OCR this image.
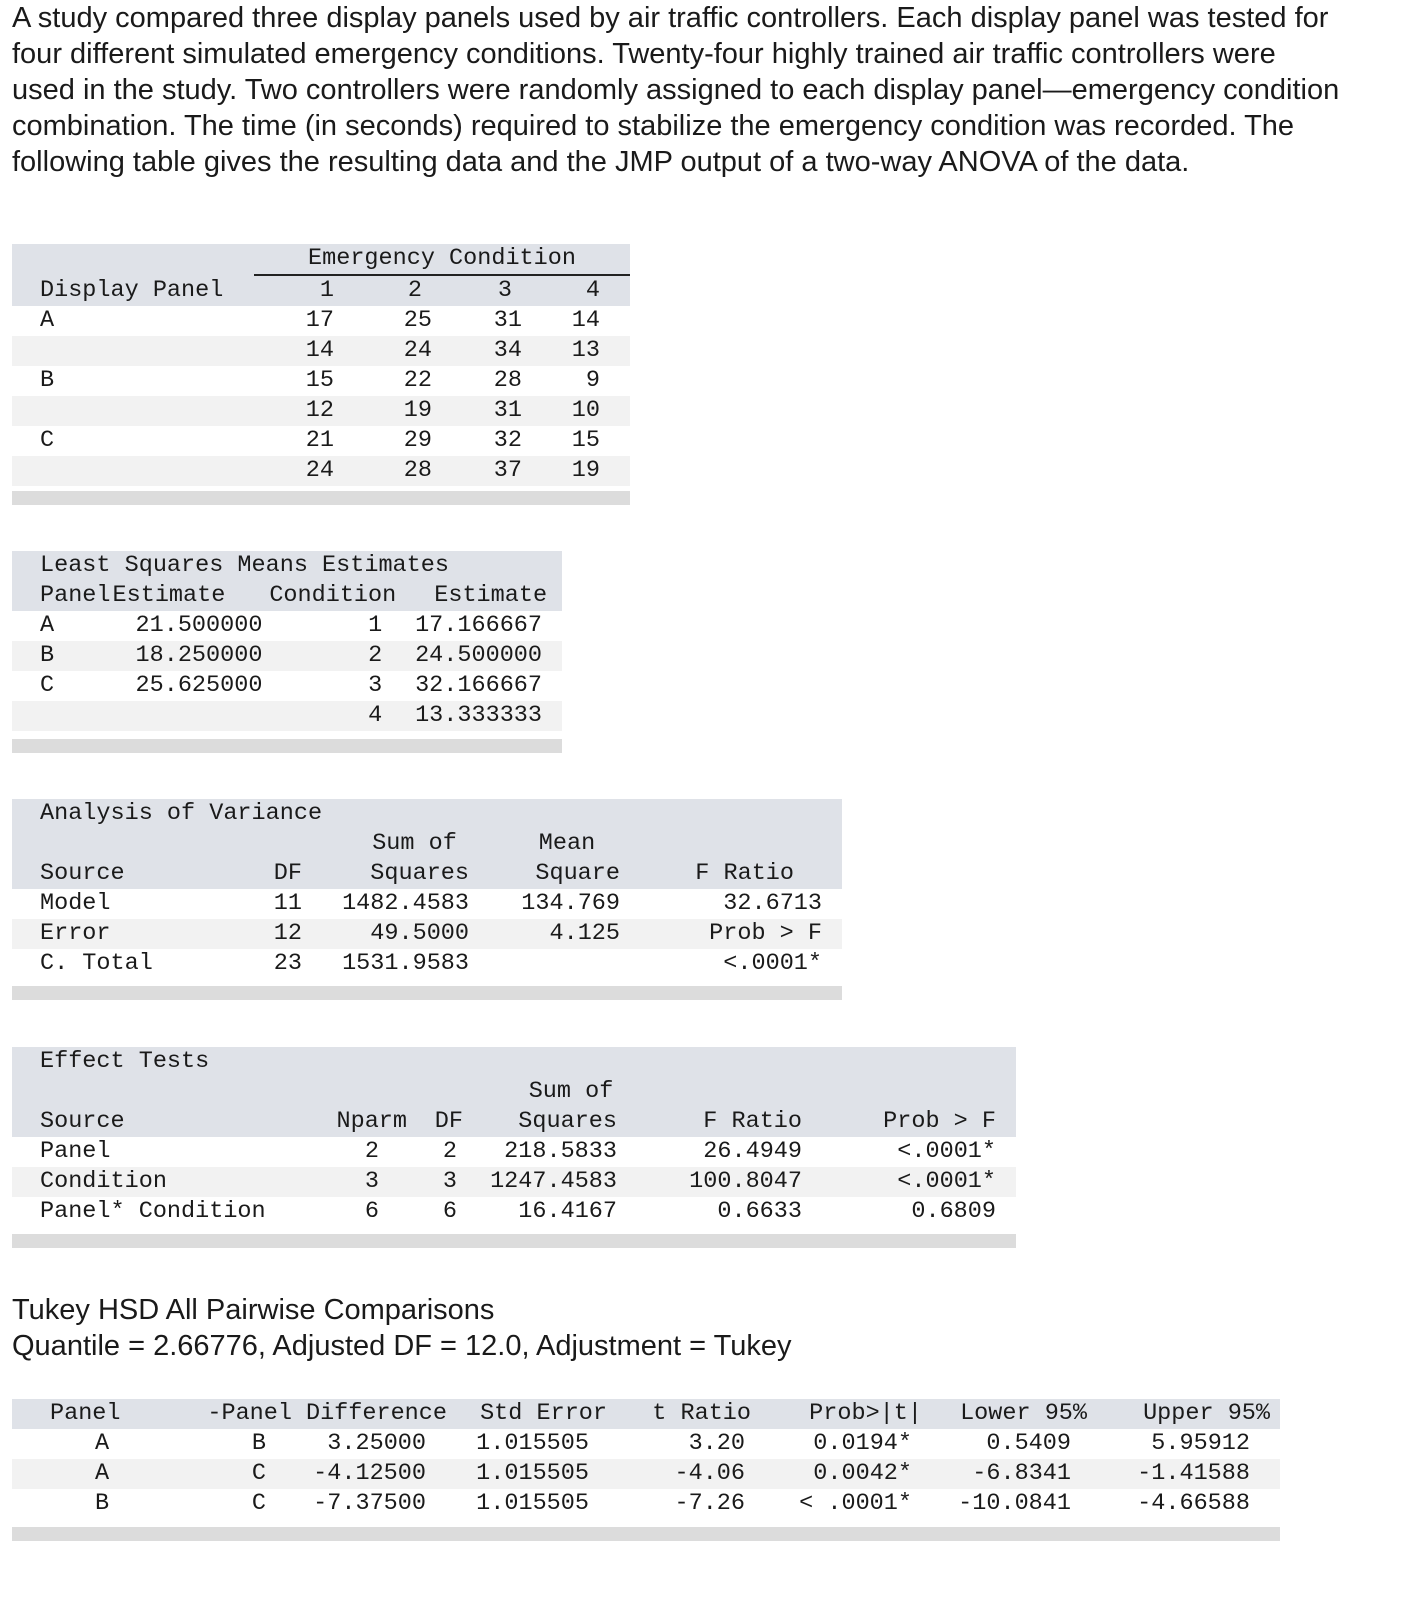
A study compared three display panels used by air traffic controllers. Each display panel was tested for four different simulated emergency conditions. Twenty-four highly trained air traffic controllers were used in the study. Two controllers were randomly assigned to each display panel—emergency condition combination. The time (in seconds) required to stabilize the emergency condition was recorded. The following table gives the resulting data and the JMP output of a two-way ANOVA of the data.
	Emergency Condition			
Display Panel	1	2	3	4
A	17	25	31	14
	14	24	34	13
B	15	22	28	9
	12	19	31	10
C	21	29	32	15
	24	28	37	19
Least Squares Means Estimates			
Panel	Estimate	Condition	Estimate
A	21.500000	1	17.166667
B	18.250000	2	24.500000
C	25.625000	3	32.166667
		4	13.333333
Analysis of Variance				
		Sum of	Mean	
Source	DF	Squares	Square	F Ratio
Model	11	1482.4583	134.769	32.6713
Error	12	49.5000	4.125	Prob > F
C. Total	23	1531.9583		<.0001*
Effect Tests					
			Sum of		
Source	Nparm	DF	Squares	F Ratio	Prob > F
Panel	2	2	218.5833	26.4949	<.0001*
Condition	3	3	1247.4583	100.8047	<.0001*
Panel* Condition	6	6	16.4167	0.6633	0.6809
Tukey HSD All Pairwise Comparisons
Quantile = 2.66776, Adjusted DF = 12.0, Adjustment = Tukey
Panel	-Panel	Difference	Std Error	t Ratio	Prob>|t|	Lower 95%	Upper 95%
A	B	3.25000	1.015505	3.20	0.0194*	0.5409	5.95912
A	C	-4.12500	1.015505	-4.06	0.0042*	-6.8341	-1.41588
B	C	-7.37500	1.015505	-7.26	< .0001*	-10.0841	-4.66588
